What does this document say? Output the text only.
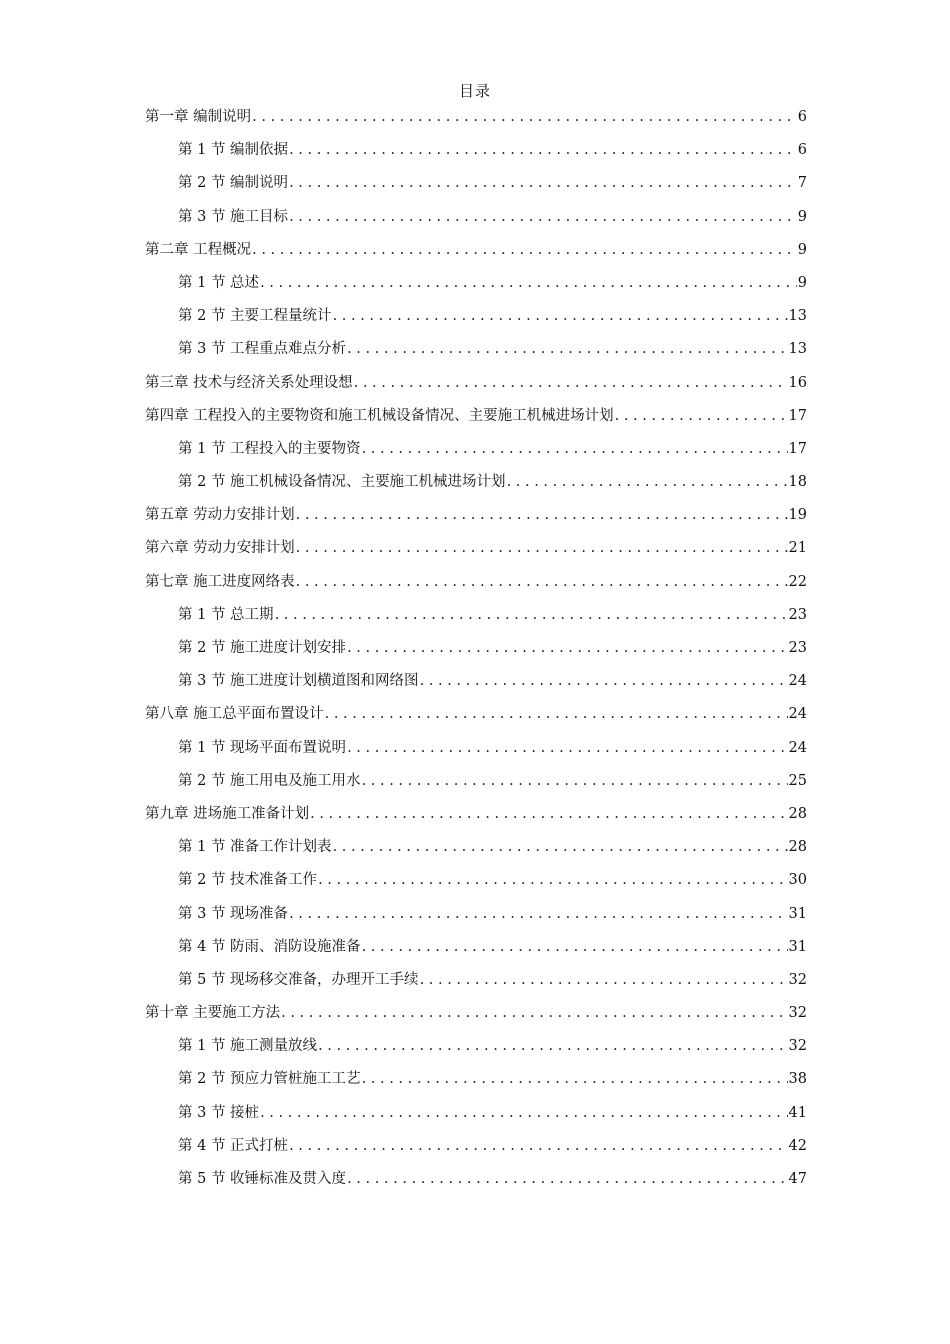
目录
第一章 编制说明 . . .	6
第 1 节 编制依据 . . .	6
第 2 节 编制说明 . . .	7
第 3 节 施工目标 . . .	9
第二章 工程概况 . . .	9
第 1 节 总述 . . .	9
第 2 节 主要工程量统计 . . .	13
第 3 节 工程重点难点分析 . . .	13
第三章 技术与经济关系处理设想 . . .	16
第四章 工程投入的主要物资和施工机械设备情况、主要施工机械进场计划 . . .	17
第 1 节 工程投入的主要物资 . . .	17
第 2 节 施工机械设备情况、主要施工机械进场计划 . . .	18
第五章 劳动力安排计划 . . .	19
第六章 劳动力安排计划 . . .	21
第七章 施工进度网络表 . . .	22
第 1 节 总工期 . . .	23
第 2 节 施工进度计划安排 . . .	23
第 3 节 施工进度计划横道图和网络图 . . .	24
第八章 施工总平面布置设计 . . .	24
第 1 节 现场平面布置说明 . . .	24
第 2 节 施工用电及施工用水 . . .	25
第九章 进场施工准备计划 . . .	28
第 1 节 准备工作计划表 . . .	28
第 2 节 技术准备工作 . . .	30
第 3 节 现场准备 . . .	31
第 4 节 防雨、消防设施准备 . . .	31
第 5 节 现场移交准备，办理开工手续 . . .	32
第十章 主要施工方法 . . .	32
第 1 节 施工测量放线 . . .	32
第 2 节 预应力管桩施工工艺 . . .	38
第 3 节 接桩 . . .	41
第 4 节 正式打桩 . . .	42
第 5 节 收锤标准及贯入度 . . .	47
